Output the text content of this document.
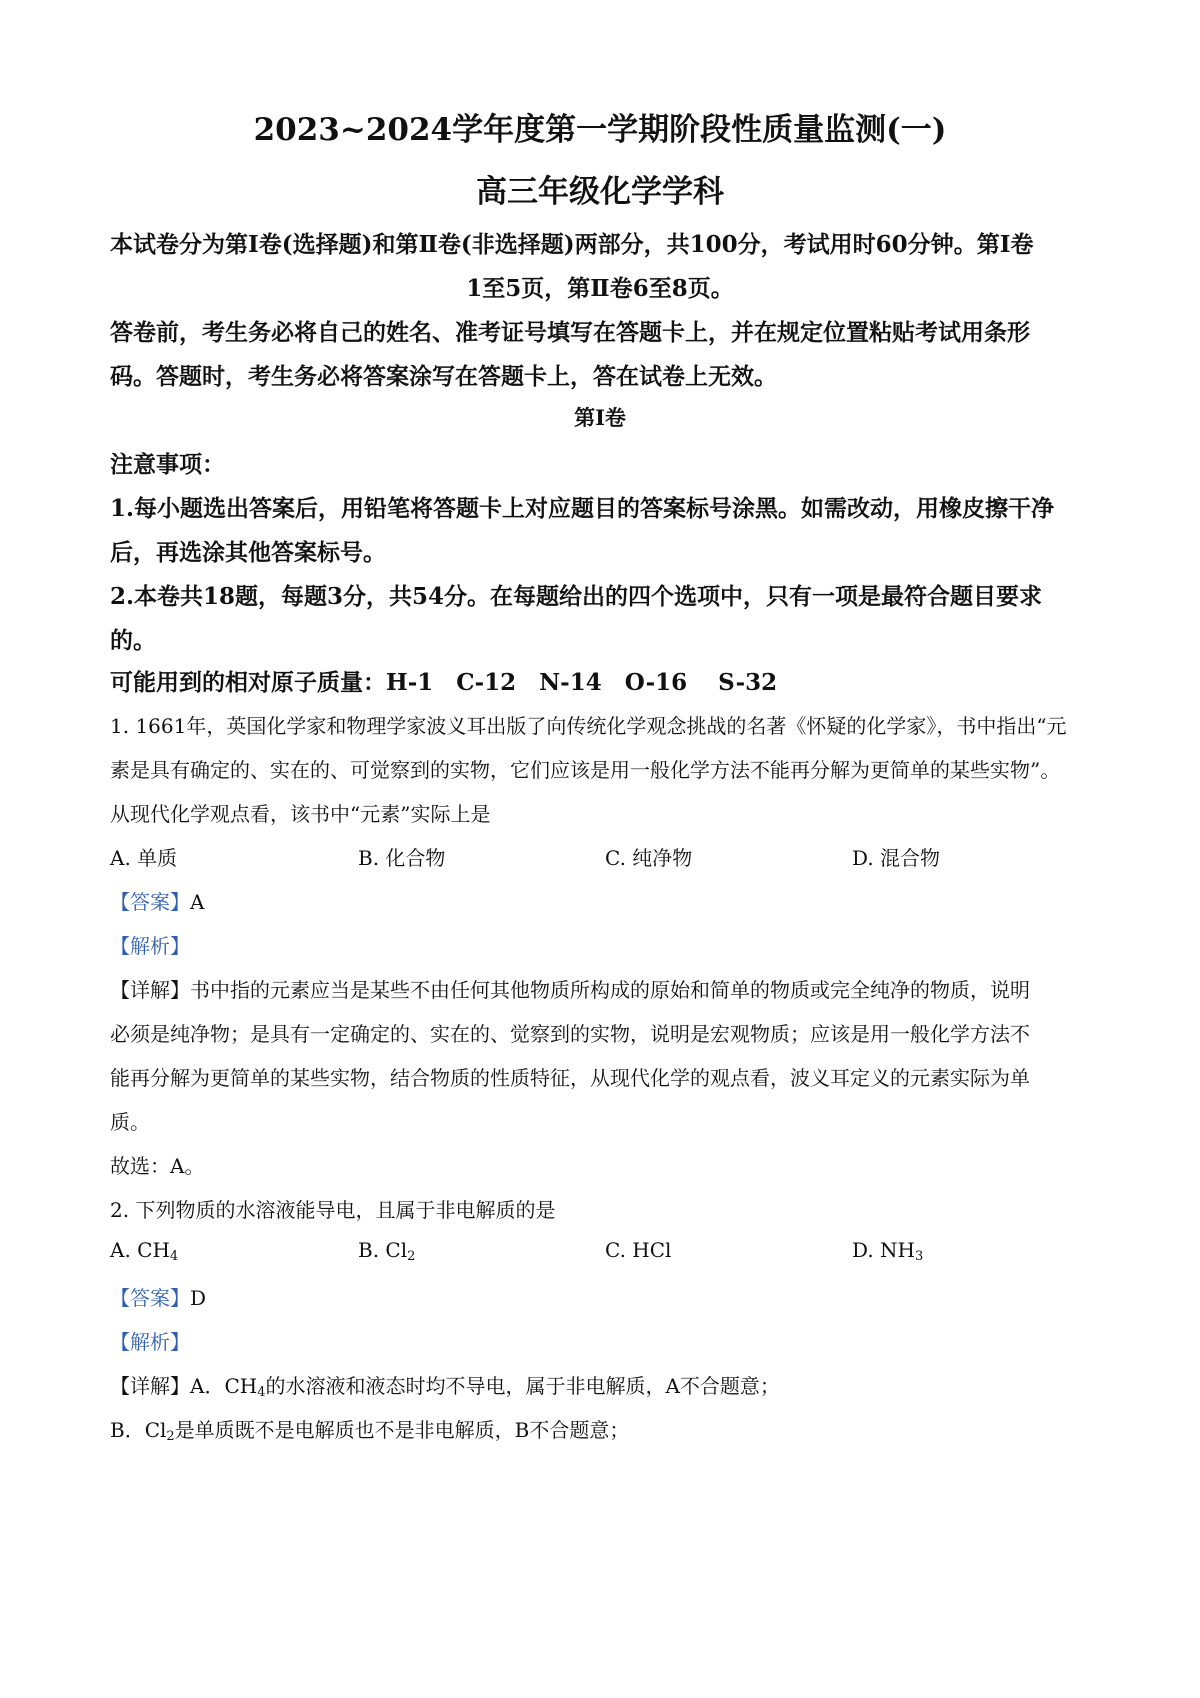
2023~2024学年度第一学期阶段性质量监测(一)
高三年级化学学科
本试卷分为第Ⅰ卷(选择题)和第Ⅱ卷(非选择题)两部分，共100分，考试用时60分钟。第Ⅰ卷
1至5页，第Ⅱ卷6至8页。
答卷前，考生务必将自己的姓名、准考证号填写在答题卡上，并在规定位置粘贴考试用条形
码。答题时，考生务必将答案涂写在答题卡上，答在试卷上无效。
第Ⅰ卷
注意事项：
1.每小题选出答案后，用铅笔将答题卡上对应题目的答案标号涂黑。如需改动，用橡皮擦干净
后，再选涂其他答案标号。
2.本卷共18题，每题3分，共54分。在每题给出的四个选项中，只有一项是最符合题目要求
的。
可能用到的相对原子质量：H-1　C-12　N-14　O-16　 S-32
1. 1661年，英国化学家和物理学家波义耳出版了向传统化学观念挑战的名著《怀疑的化学家》，书中指出“元
素是具有确定的、实在的、可觉察到的实物，它们应该是用一般化学方法不能再分解为更简单的某些实物”。
从现代化学观点看，该书中“元素”实际上是
A. 单质	B. 化合物	C. 纯净物	D. 混合物
【答案】A
【解析】
【详解】书中指的元素应当是某些不由任何其他物质所构成的原始和简单的物质或完全纯净的物质，说明
必须是纯净物；是具有一定确定的、实在的、觉察到的实物，说明是宏观物质；应该是用一般化学方法不
能再分解为更简单的某些实物，结合物质的性质特征，从现代化学的观点看，波义耳定义的元素实际为单
质。
故选：A。
2. 下列物质的水溶液能导电，且属于非电解质的是
A. $CH_4$	B. $Cl_2$	C. HCl	D. $NH_3$
【答案】D
【解析】
【详解】A．$CH_4$的水溶液和液态时均不导电，属于非电解质，A不合题意；
B．$Cl_2$是单质既不是电解质也不是非电解质，B不合题意；
